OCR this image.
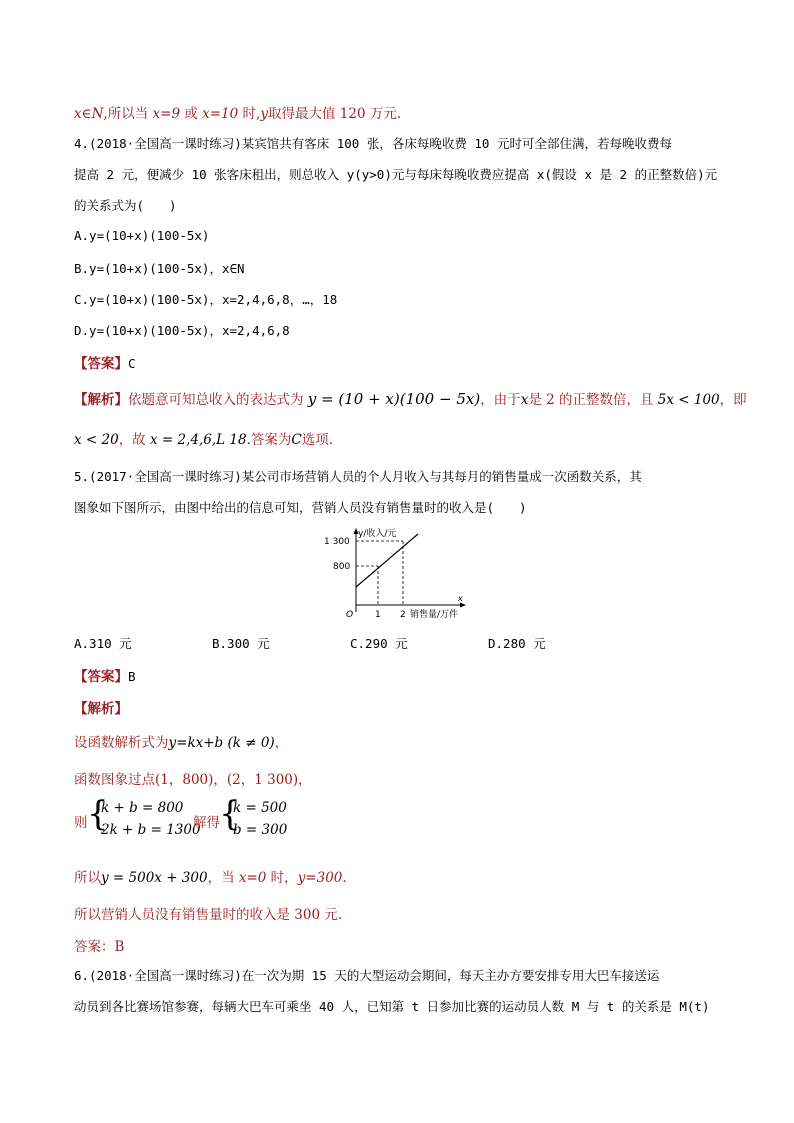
x∈N,所以当 x=9 或 x=10 时,y取得最大值 120 万元.
4.(2018·全国高一课时练习)某宾馆共有客床 100 张，各床每晚收费 10 元时可全部住满，若每晚收费每
提高 2 元，便减少 10 张客床租出，则总收入 y(y>0)元与每床每晚收费应提高 x(假设 x 是 2 的正整数倍)元
的关系式为(　　)
A.y=(10+x)(100-5x)
B.y=(10+x)(100-5x)，x∈N
C.y=(10+x)(100-5x)，x=2,4,6,8，…，18
D.y=(10+x)(100-5x)，x=2,4,6,8
【答案】C
【解析】依题意可知总收入的表达式为 y = (10 + x)(100 − 5x)，由于x是 2 的正整数倍，且 5x < 100，即
x < 20，故 x = 2,4,6,L 18.答案为C选项.
5.(2017·全国高一课时练习)某公司市场营销人员的个人月收入与其每月的销售量成一次函数关系，其
图象如下图所示，由图中给出的信息可知，营销人员没有销售量时的收入是(　　)
y/收入/元
1 300
800
x
O 1 2 销售量/万件
A.310 元	B.300 元	C.290 元	D.280 元
【答案】B
【解析】
设函数解析式为y=kx+b (k ≠ 0)，
函数图象过点(1，800)，(2，1 300)，
则 {
k + b = 800
2k + b = 1300
解得 {
k = 500
b = 300
所以y = 500x + 300，当 x=0 时，y=300.
所以营销人员没有销售量时的收入是 300 元.
答案：B
6.(2018·全国高一课时练习)在一次为期 15 天的大型运动会期间，每天主办方要安排专用大巴车接送运
动员到各比赛场馆参赛，每辆大巴车可乘坐 40 人，已知第 t 日参加比赛的运动员人数 M 与 t 的关系是 M(t)
